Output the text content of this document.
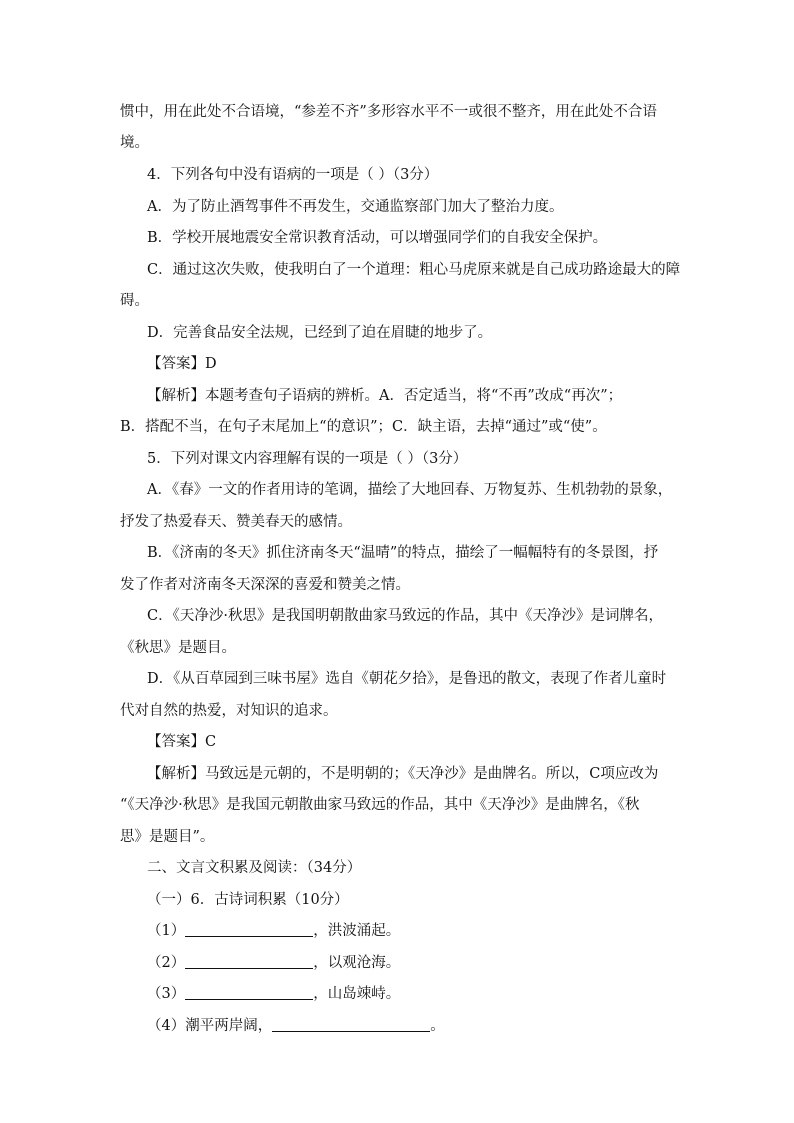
惯中，用在此处不合语境，“参差不齐”多形容水平不一或很不整齐，用在此处不合语
境。
4．下列各句中没有语病的一项是（ ）（3分）
A．为了防止酒驾事件不再发生，交通监察部门加大了整治力度。
B．学校开展地震安全常识教育活动，可以增强同学们的自我安全保护。
C．通过这次失败，使我明白了一个道理：粗心马虎原来就是自己成功路途最大的障
碍。
D．完善食品安全法规，已经到了迫在眉睫的地步了。
【答案】D
【解析】本题考查句子语病的辨析。A．否定适当，将“不再”改成“再次”；
B．搭配不当，在句子末尾加上“的意识”；C．缺主语，去掉“通过”或“使”。
5．下列对课文内容理解有误的一项是（ ）（3分）
A．《春》一文的作者用诗的笔调，描绘了大地回春、万物复苏、生机勃勃的景象，
抒发了热爱春天、赞美春天的感情。
B．《济南的冬天》抓住济南冬天“温晴”的特点，描绘了一幅幅特有的冬景图，抒
发了作者对济南冬天深深的喜爱和赞美之情。
C．《天净沙·秋思》是我国明朝散曲家马致远的作品，其中《天净沙》是词牌名，
《秋思》是题目。
D．《从百草园到三味书屋》选自《朝花夕拾》，是鲁迅的散文，表现了作者儿童时
代对自然的热爱，对知识的追求。
【答案】C
【解析】马致远是元朝的，不是明朝的；《天净沙》是曲牌名。所以，C项应改为
“《天净沙·秋思》是我国元朝散曲家马致远的作品，其中《天净沙》是曲牌名，《秋
思》是题目”。
二、文言文积累及阅读：（34分）
（一）6．古诗词积累（10分）
（1）	，洪波涌起。
（2）	，以观沧海。
（3）	，山岛竦峙。
（4）潮平两岸阔，	。
